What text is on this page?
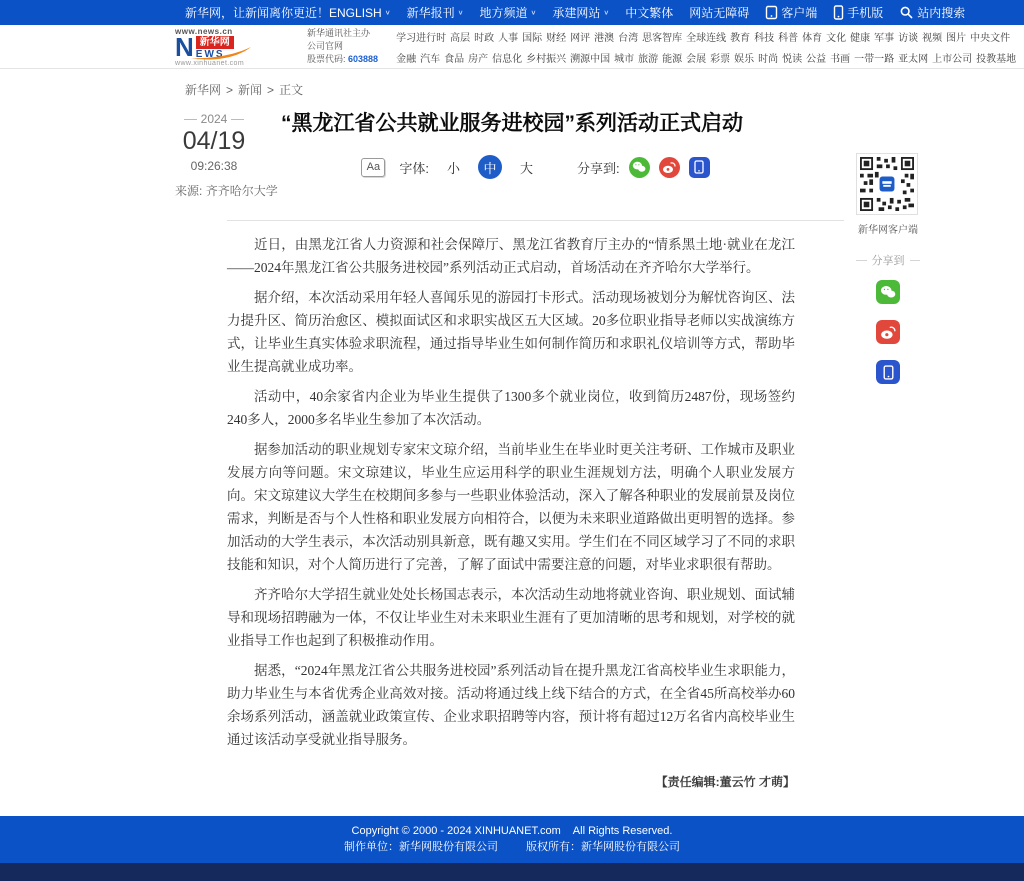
新华网，让新闻离你更近！ ENGLISH ∨ 新华报刊 ∨ 地方频道 ∨ 承建网站 ∨ 中文繁体 网站无障碍	客户端	手机版	站内搜索
www.news.cn
N 新华网
EWS
www.xinhuanet.com
新华通讯社主办
公司官网
股票代码: 603888
学习进行时 高层 时政 人事 国际 财经 网评 港澳 台湾 思客智库 全球连线 教育 科技 科普 体育 文化 健康 军事 访谈 视频 图片 中央文件
金融 汽车 食品 房产 信息化 乡村振兴 溯源中国 城市 旅游 能源 会展 彩票 娱乐 时尚 悦读 公益 书画 一带一路 亚太网 上市公司 投教基地
新华网 > 新闻 > 正文
2024
04/19
09:26:38
来源: 齐齐哈尔大学
“黑龙江省公共就业服务进校园”系列活动正式启动
Aa	字体:	小	中	大	分享到:

近日，由黑龙江省人力资源和社会保障厅、黑龙江省教育厅主办的“情系黑土地·就业在龙江——2024年黑龙江省公共服务进校园”系列活动正式启动，首场活动在齐齐哈尔大学举行。

据介绍，本次活动采用年轻人喜闻乐见的游园打卡形式。活动现场被划分为解忧咨询区、法力提升区、简历治愈区、模拟面试区和求职实战区五大区域。20多位职业指导老师以实战演练方式，让毕业生真实体验求职流程，通过指导毕业生如何制作简历和求职礼仪培训等方式，帮助毕业生提高就业成功率。

活动中，40余家省内企业为毕业生提供了1300多个就业岗位，收到简历2487份，现场签约240多人，2000多名毕业生参加了本次活动。

据参加活动的职业规划专家宋文琼介绍，当前毕业生在毕业时更关注考研、工作城市及职业发展方向等问题。宋文琼建议，毕业生应运用科学的职业生涯规划方法，明确个人职业发展方向。宋文琼建议大学生在校期间多参与一些职业体验活动，深入了解各种职业的发展前景及岗位需求，判断是否与个人性格和职业发展方向相符合，以便为未来职业道路做出更明智的选择。参加活动的大学生表示，本次活动别具新意，既有趣又实用。学生们在不同区域学习了不同的求职技能和知识，对个人简历进行了完善，了解了面试中需要注意的问题，对毕业求职很有帮助。

齐齐哈尔大学招生就业处处长杨国志表示，本次活动生动地将就业咨询、职业规划、面试辅导和现场招聘融为一体，不仅让毕业生对未来职业生涯有了更加清晰的思考和规划，对学校的就业指导工作也起到了积极推动作用。

据悉，“2024年黑龙江省公共服务进校园”系列活动旨在提升黑龙江省高校毕业生求职能力，助力毕业生与本省优秀企业高效对接。活动将通过线上线下结合的方式，在全省45所高校举办60余场系列活动，涵盖就业政策宣传、企业求职招聘等内容，预计将有超过12万名省内高校毕业生通过该活动享受就业指导服务。

【责任编辑:董云竹 才萌】
新华网客户端
分享到
Copyright © 2000 - 2024 XINHUANET.com All Rights Reserved.
制作单位：新华网股份有限公司	版权所有：新华网股份有限公司
